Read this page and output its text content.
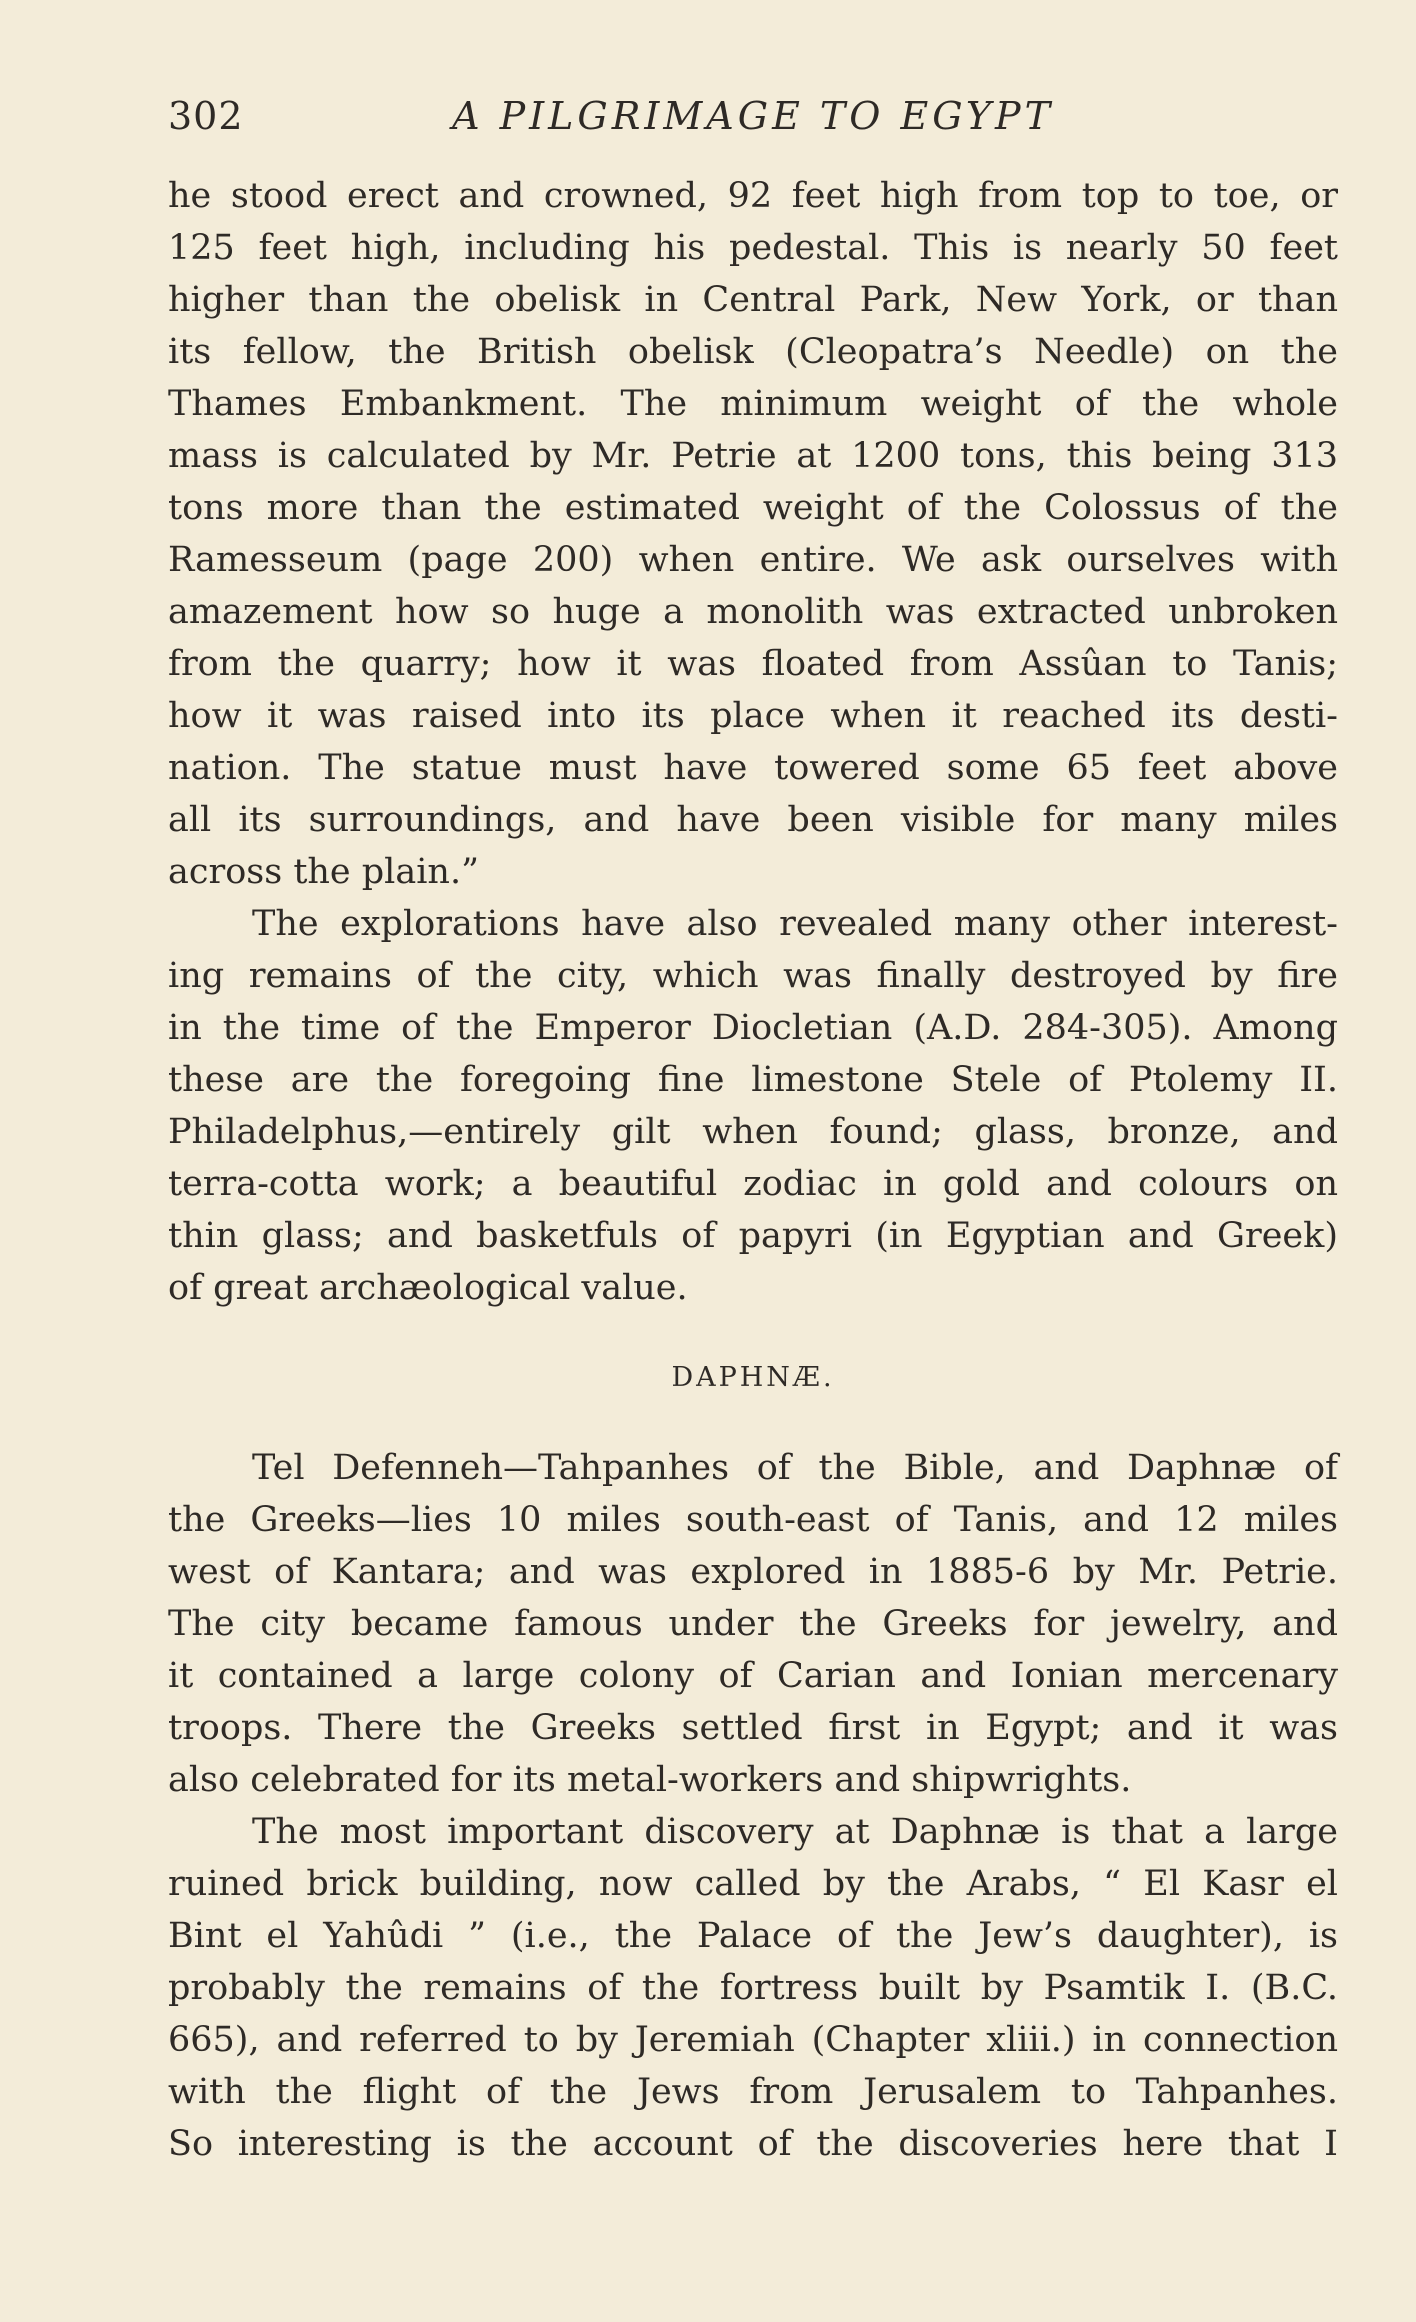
302	A PILGRIMAGE TO EGYPT

he stood erect and crowned, 92 feet high from top to toe, or
125 feet high, including his pedestal. This is nearly 50 feet
higher than the obelisk in Central Park, New York, or than
its fellow, the British obelisk (Cleopatra’s Needle) on the
Thames Embankment. The minimum weight of the whole
mass is calculated by Mr. Petrie at 1200 tons, this being 313
tons more than the estimated weight of the Colossus of the
Ramesseum (page 200) when entire. We ask ourselves with
amazement how so huge a monolith was extracted unbroken
from the quarry; how it was floated from Assûan to Tanis;
how it was raised into its place when it reached its desti-
nation. The statue must have towered some 65 feet above
all its surroundings, and have been visible for many miles
across the plain.”

The explorations have also revealed many other interest-
ing remains of the city, which was finally destroyed by fire
in the time of the Emperor Diocletian (A.D. 284-305). Among
these are the foregoing fine limestone Stele of Ptolemy II.
Philadelphus,—entirely gilt when found; glass, bronze, and
terra-cotta work; a beautiful zodiac in gold and colours on
thin glass; and basketfuls of papyri (in Egyptian and Greek)
of great archæological value.

DAPHNÆ.

Tel Defenneh—Tahpanhes of the Bible, and Daphnæ of
the Greeks—lies 10 miles south-east of Tanis, and 12 miles
west of Kantara; and was explored in 1885-6 by Mr. Petrie.
The city became famous under the Greeks for jewelry, and
it contained a large colony of Carian and Ionian mercenary
troops. There the Greeks settled first in Egypt; and it was
also celebrated for its metal-workers and shipwrights.

The most important discovery at Daphnæ is that a large
ruined brick building, now called by the Arabs, “ El Kasr el
Bint el Yahûdi ” (i.e., the Palace of the Jew’s daughter), is
probably the remains of the fortress built by Psamtik I. (B.C.
665), and referred to by Jeremiah (Chapter xliii.) in connection
with the flight of the Jews from Jerusalem to Tahpanhes.
So interesting is the account of the discoveries here that I
